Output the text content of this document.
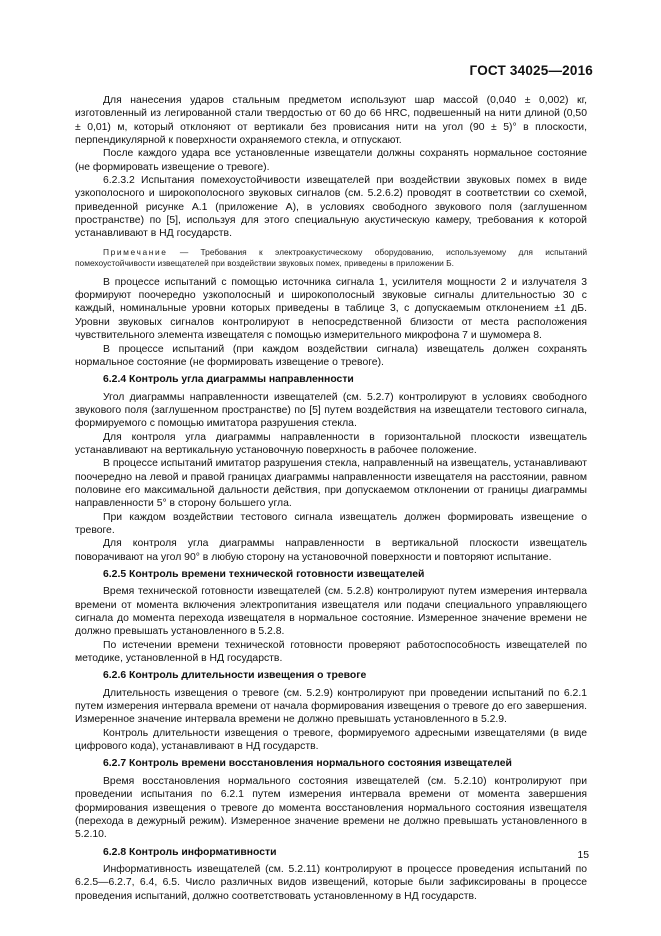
ГОСТ 34025—2016

Для нанесения ударов стальным предметом используют шар массой (0,040 ± 0,002) кг, изготовленный из легированной стали твердостью от 60 до 66 HRC, подвешенный на нити длиной (0,50 ± 0,01) м, который отклоняют от вертикали без провисания нити на угол (90 ± 5)° в плоскости, перпендикулярной к поверхности охраняемого стекла, и отпускают.

После каждого удара все установленные извещатели должны сохранять нормальное состояние (не формировать извещение о тревоге).

6.2.3.2 Испытания помехоустойчивости извещателей при воздействии звуковых помех в виде узкополосного и широкополосного звуковых сигналов (см. 5.2.6.2) проводят в соответствии со схемой, приведенной рисунке А.1 (приложение А), в условиях свободного звукового поля (заглушенном пространстве) по [5], используя для этого специальную акустическую камеру, требования к которой устанавливают в НД государств.

Примечание — Требования к электроакустическому оборудованию, используемому для испытаний помехоустойчивости извещателей при воздействии звуковых помех, приведены в приложении Б.

В процессе испытаний с помощью источника сигнала 1, усилителя мощности 2 и излучателя 3 формируют поочередно узкополосный и широкополосный звуковые сигналы длительностью 30 с каждый, номинальные уровни которых приведены в таблице 3, с допускаемым отклонением ±1 дБ. Уровни звуковых сигналов контролируют в непосредственной близости от места расположения чувствительного элемента извещателя с помощью измерительного микрофона 7 и шумомера 8.

В процессе испытаний (при каждом воздействии сигнала) извещатель должен сохранять нормальное состояние (не формировать извещение о тревоге).

6.2.4 Контроль угла диаграммы направленности

Угол диаграммы направленности извещателей (см. 5.2.7) контролируют в условиях свободного звукового поля (заглушенном пространстве) по [5] путем воздействия на извещатели тестового сигнала, формируемого с помощью имитатора разрушения стекла.

Для контроля угла диаграммы направленности в горизонтальной плоскости извещатель устанавливают на вертикальную установочную поверхность в рабочее положение.

В процессе испытаний имитатор разрушения стекла, направленный на извещатель, устанавливают поочередно на левой и правой границах диаграммы направленности извещателя на расстоянии, равном половине его максимальной дальности действия, при допускаемом отклонении от границы диаграммы направленности 5° в сторону большего угла.

При каждом воздействии тестового сигнала извещатель должен формировать извещение о тревоге.

Для контроля угла диаграммы направленности в вертикальной плоскости извещатель поворачивают на угол 90° в любую сторону на установочной поверхности и повторяют испытание.

6.2.5 Контроль времени технической готовности извещателей

Время технической готовности извещателей (см. 5.2.8) контролируют путем измерения интервала времени от момента включения электропитания извещателя или подачи специального управляющего сигнала до момента перехода извещателя в нормальное состояние. Измеренное значение времени не должно превышать установленного в 5.2.8.

По истечении времени технической готовности проверяют работоспособность извещателей по методике, установленной в НД государств.

6.2.6 Контроль длительности извещения о тревоге

Длительность извещения о тревоге (см. 5.2.9) контролируют при проведении испытаний по 6.2.1 путем измерения интервала времени от начала формирования извещения о тревоге до его завершения. Измеренное значение интервала времени не должно превышать установленного в 5.2.9.

Контроль длительности извещения о тревоге, формируемого адресными извещателями (в виде цифрового кода), устанавливают в НД государств.

6.2.7 Контроль времени восстановления нормального состояния извещателей

Время восстановления нормального состояния извещателей (см. 5.2.10) контролируют при проведении испытания по 6.2.1 путем измерения интервала времени от момента завершения формирования извещения о тревоге до момента восстановления нормального состояния извещателя (перехода в дежурный режим). Измеренное значение времени не должно превышать установленного в 5.2.10.

6.2.8 Контроль информативности

Информативность извещателей (см. 5.2.11) контролируют в процессе проведения испытаний по 6.2.5—6.2.7, 6.4, 6.5. Число различных видов извещений, которые были зафиксированы в процессе проведения испытаний, должно соответствовать установленному в НД государств.

15
